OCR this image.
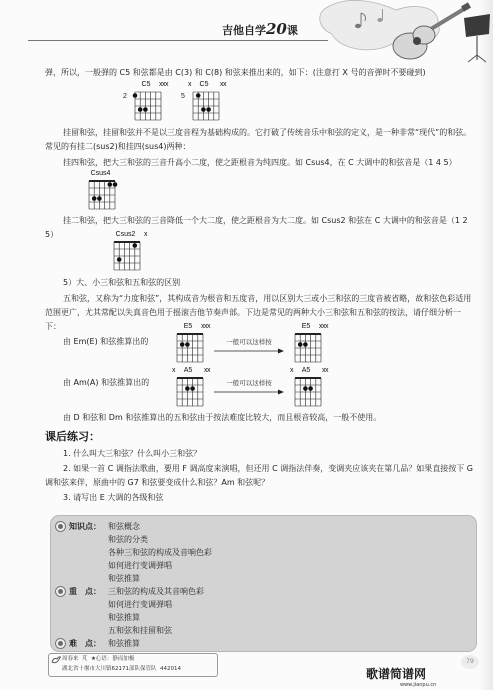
吉他自学20课
弹，所以，一般弹的 C5 和弦都是由 C(3) 和 C(8) 和弦来推出来的，如下：(注意打 X 号的音弹时不要碰到)
C5	xxx
2
x	C5	xx
5
挂留和弦，挂留和弦并不是以三度音程为基础构成的。它打破了传统音乐中和弦的定义，是一种非常“现代”的和弦。常见的有挂二(sus2)和挂四(sus4)两种：
挂四和弦，把大三和弦的三音升高小二度，使之距根音为纯四度。如 Csus4，在 C 大调中的和弦音是（1 4 5）
Csus4
挂二和弦，把大三和弦的三音降低一个大二度，使之距根音为大二度。如 Csus2 和弦在 C 大调中的和弦音是（1 2 5）	Csus2	x
5）大、小三和弦和五和弦的区别
五和弦，又称为“力度和弦”，其构成音为根音和五度音，用以区别大三或小三和弦的三度音被省略，故和弦色彩适用范围更广，尤其常配以失真音色用于摇滚吉他节奏声部。下边是常见的两种大小三和弦和五和弦的按法，请仔细分析一下：
由 Em(E) 和弦推算出的
E5	xxx
一般可以这样按
E5	xxx
由 Am(A) 和弦推算出的
x	A5	xx
一般可以这样按
x	A5	xx
由 D 和弦和 Dm 和弦推算出的五和弦由于按法难度比较大，而且根音较高，一般不使用。
课后练习：
1. 什么叫大三和弦？什么叫小三和弦？
2. 如果一首 C 调指法歌曲，要用 F 调高度来演唱，但还用 C 调指法伴奏，变调夹应该夹在第几品？如果直接按下 G 调和弦来伴，原曲中的 G7 和弦要变成什么和弦？Am 和弦呢？
3. 请写出 E 大调的各级和弦
知识点： 和弦概念
和弦的分类
各种三和弦的构成及音响色彩
如何进行变调弹唱
和弦推算
重　点： 三和弦的构成及其音响色彩
如何进行变调弹唱
和弦推算
五和弦和挂留和弦
难　点： 和弦推算
周春来  芃  ★心语：静而加极
湖北省十堰市大川镇62171部队保管队  442014
79
歌谱简谱网
www.jianpu.cn
